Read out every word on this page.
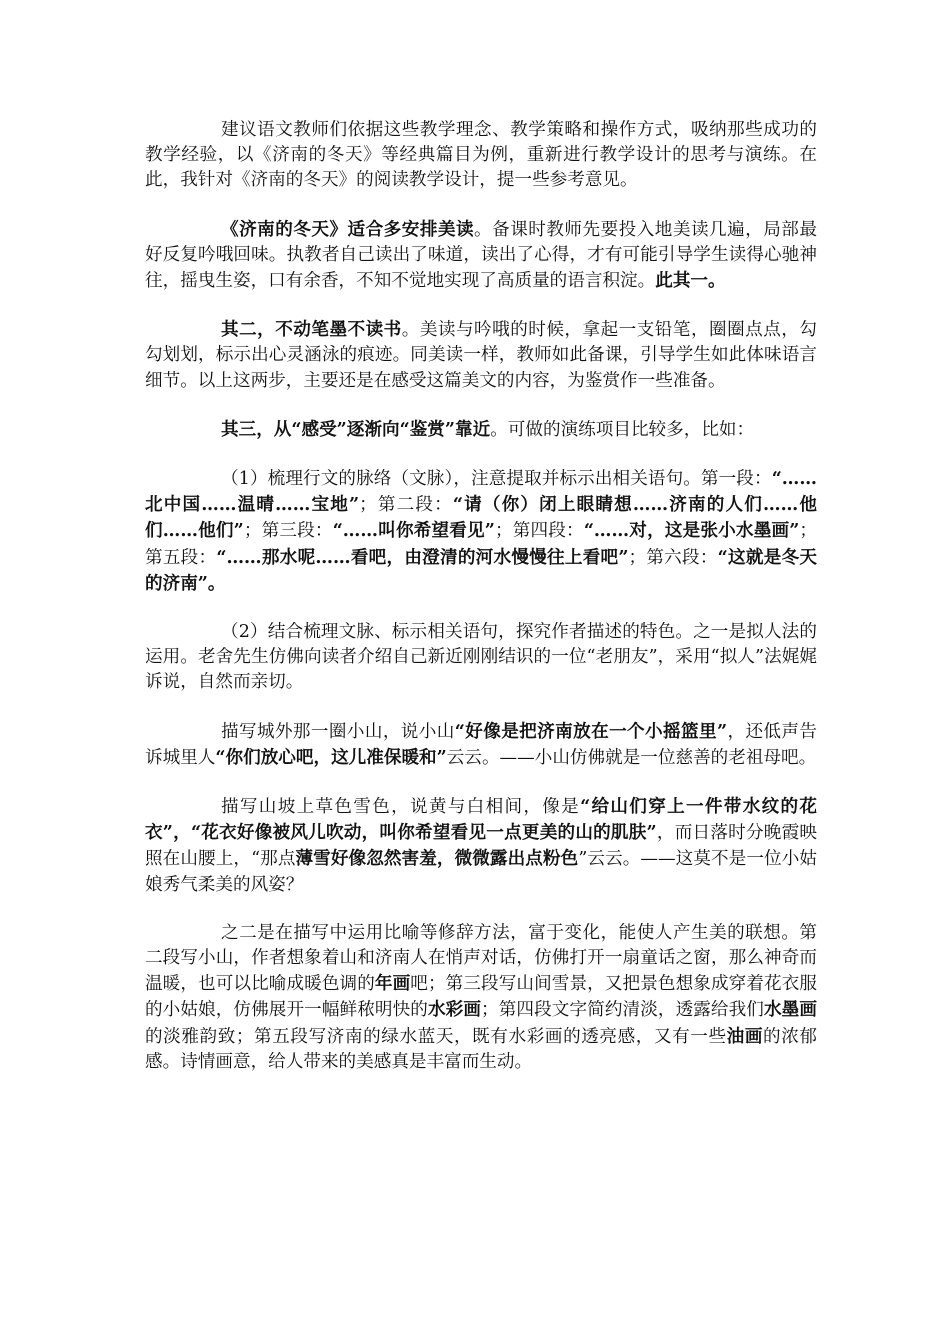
建议语文教师们依据这些教学理念、教学策略和操作方式，吸纳那些成功的教学经验，以《济南的冬天》等经典篇目为例，重新进行教学设计的思考与演练。在此，我针对《济南的冬天》的阅读教学设计，提一些参考意见。

《济南的冬天》适合多安排美读。备课时教师先要投入地美读几遍，局部最好反复吟哦回味。执教者自己读出了味道，读出了心得，才有可能引导学生读得心驰神往，摇曳生姿，口有余香，不知不觉地实现了高质量的语言积淀。此其一。

其二，不动笔墨不读书。美读与吟哦的时候，拿起一支铅笔，圈圈点点，勾勾划划，标示出心灵涵泳的痕迹。同美读一样，教师如此备课，引导学生如此体味语言细节。以上这两步，主要还是在感受这篇美文的内容，为鉴赏作一些准备。

其三，从“感受”逐渐向“鉴赏”靠近。可做的演练项目比较多，比如：

（1）梳理行文的脉络（文脉），注意提取并标示出相关语句。第一段：“……北中国……温晴……宝地”；第二段：“请（你）闭上眼睛想……济南的人们……他们……他们”；第三段：“……叫你希望看见”；第四段：“……对，这是张小水墨画”；第五段：“……那水呢……看吧，由澄清的河水慢慢往上看吧”；第六段：“这就是冬天的济南”。

（2）结合梳理文脉、标示相关语句，探究作者描述的特色。之一是拟人法的运用。老舍先生仿佛向读者介绍自己新近刚刚结识的一位“老朋友”，采用“拟人”法娓娓诉说，自然而亲切。

描写城外那一圈小山，说小山“好像是把济南放在一个小摇篮里”，还低声告诉城里人“你们放心吧，这儿准保暖和”云云。——小山仿佛就是一位慈善的老祖母吧。

描写山坡上草色雪色，说黄与白相间，像是“给山们穿上一件带水纹的花衣”，“花衣好像被风儿吹动，叫你希望看见一点更美的山的肌肤”，而日落时分晚霞映照在山腰上，“那点薄雪好像忽然害羞，微微露出点粉色”云云。——这莫不是一位小姑娘秀气柔美的风姿？

之二是在描写中运用比喻等修辞方法，富于变化，能使人产生美的联想。第二段写小山，作者想象着山和济南人在悄声对话，仿佛打开一扇童话之窗，那么神奇而温暖，也可以比喻成暖色调的年画吧；第三段写山间雪景，又把景色想象成穿着花衣服的小姑娘，仿佛展开一幅鲜秾明快的水彩画；第四段文字简约清淡，透露给我们水墨画的淡雅韵致；第五段写济南的绿水蓝天，既有水彩画的透亮感，又有一些油画的浓郁感。诗情画意，给人带来的美感真是丰富而生动。
